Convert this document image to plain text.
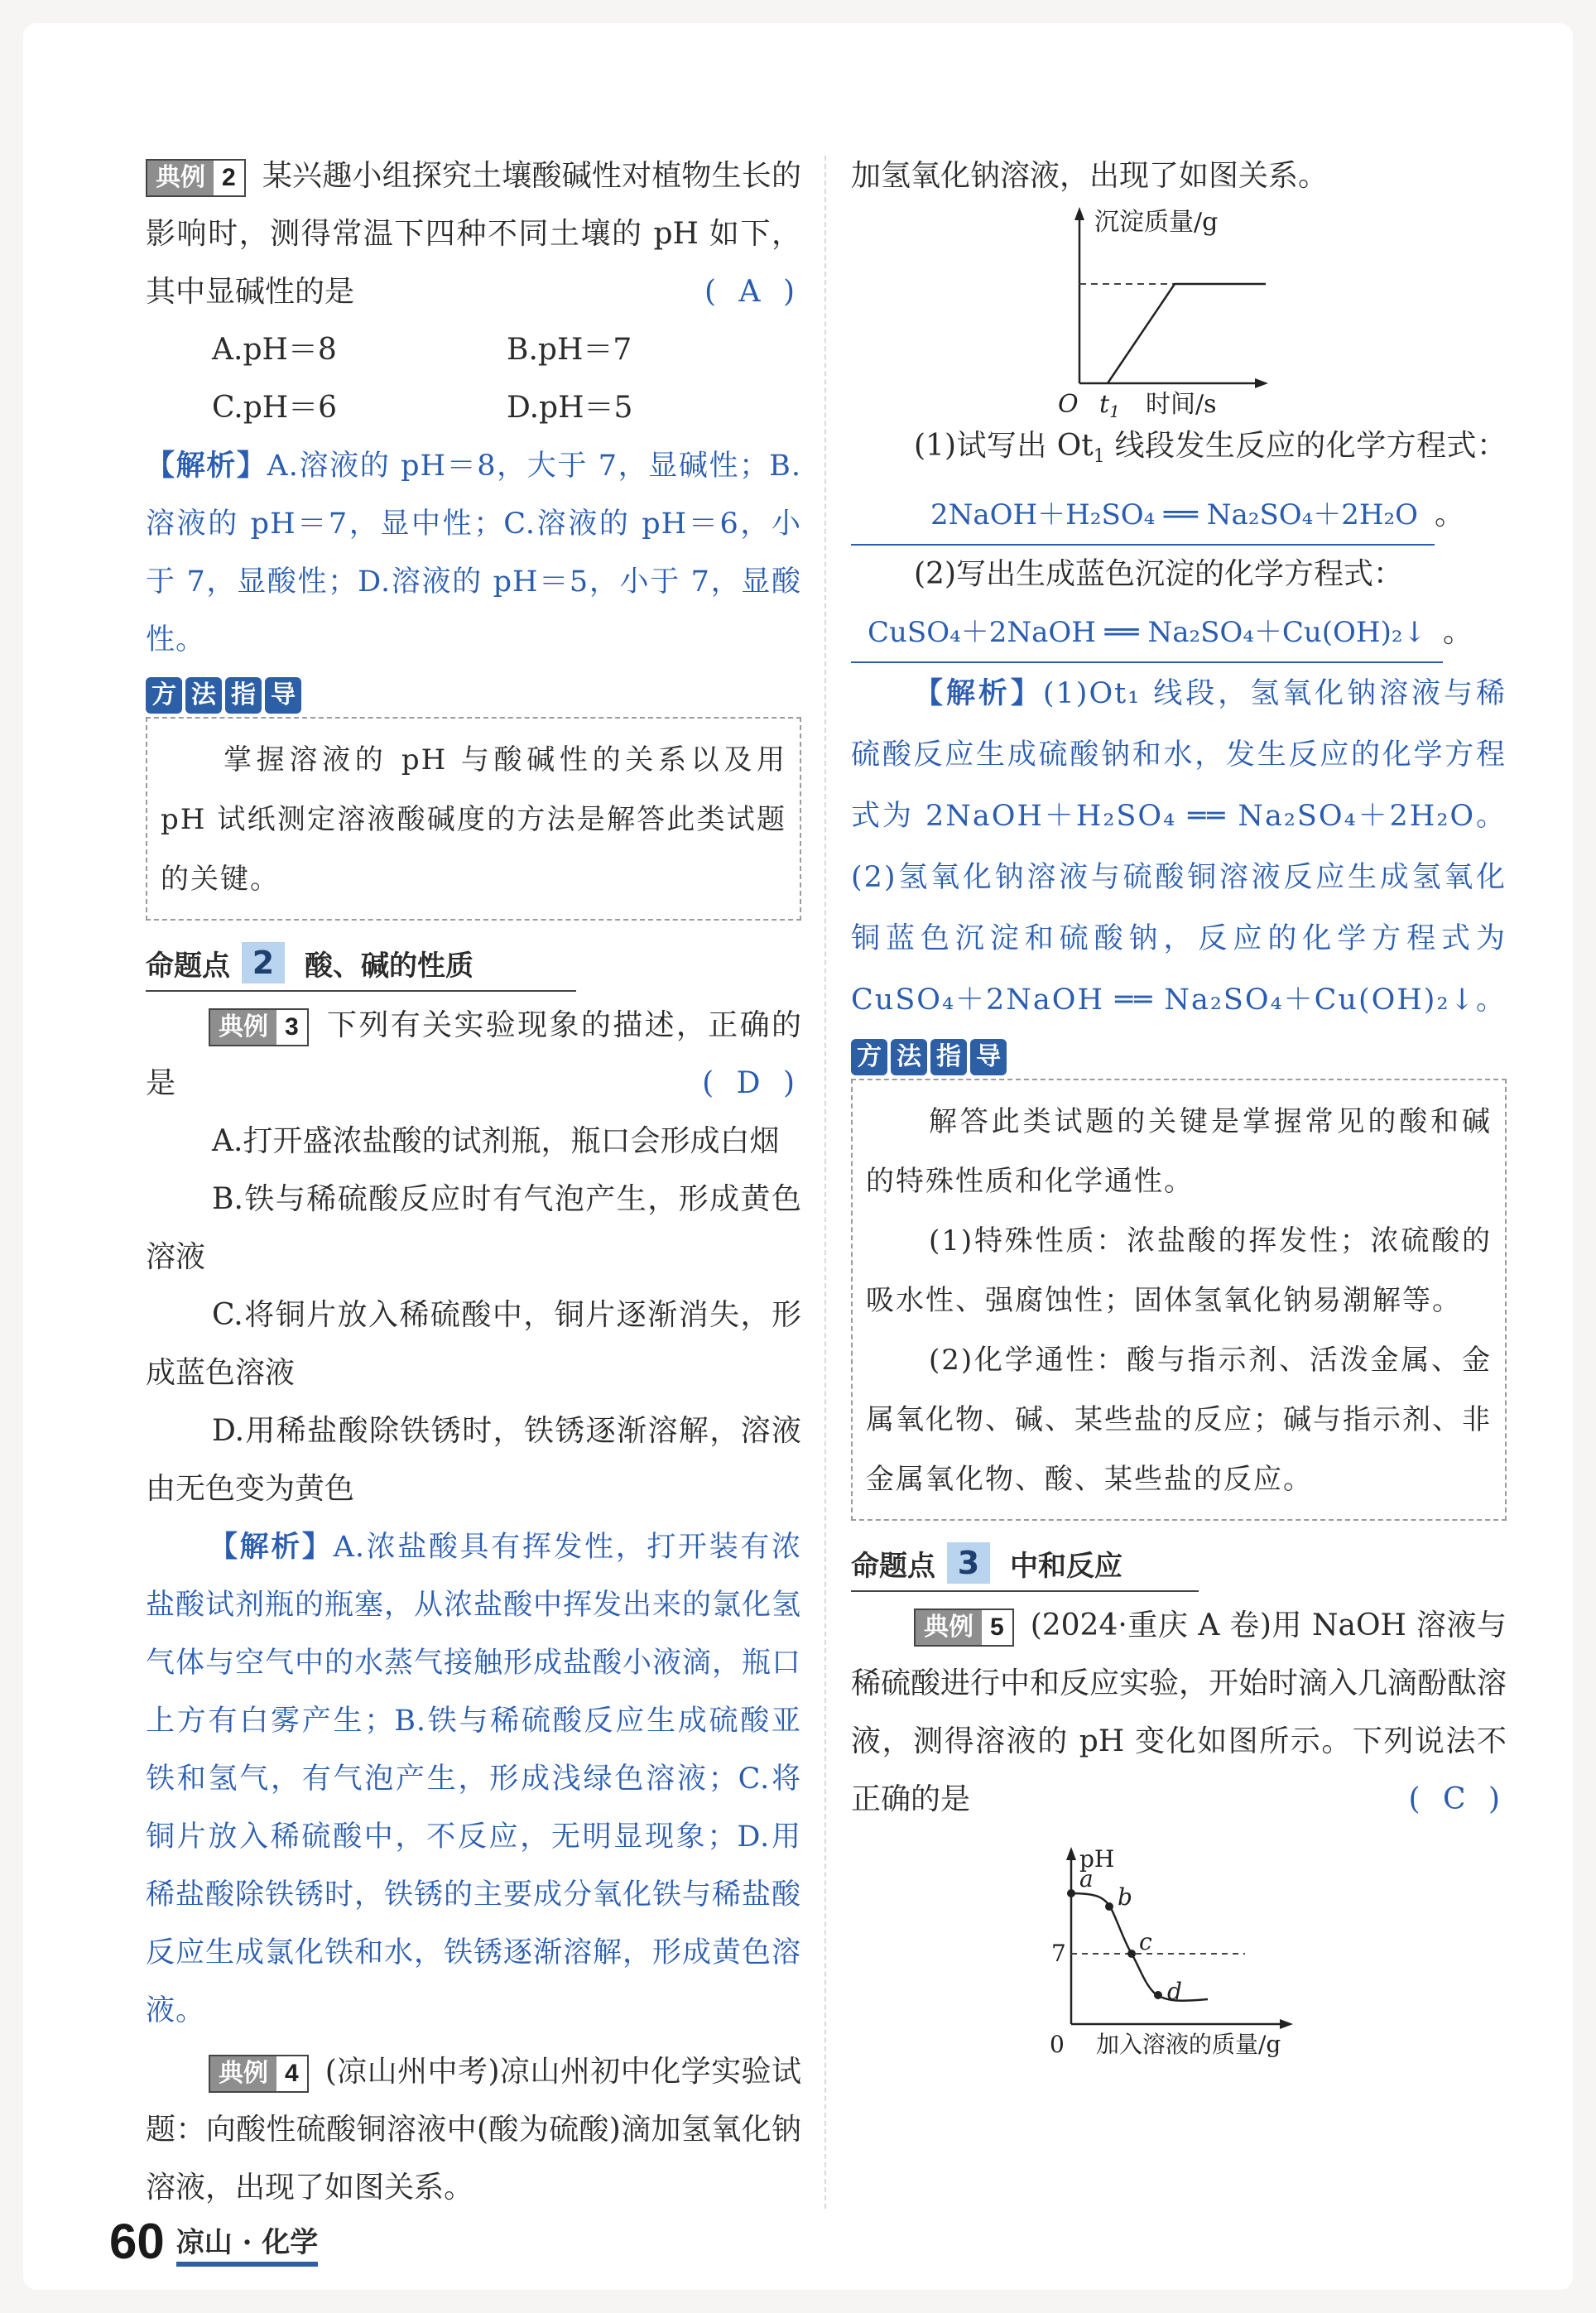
典例 2 某兴趣小组探究土壤酸碱性对植物生长的影响时，测得常温下四种不同土壤的 pH 如下，其中显碱性的是	( A )

A.pH＝8	B.pH＝7
C.pH＝6	D.pH＝5

【解析】A.溶液的 pH＝8，大于 7，显碱性；B.溶液的 pH＝7，显中性；C.溶液的 pH＝6，小于 7，显酸性；D.溶液的 pH＝5，小于 7，显酸性。

方 法 指 导

掌握溶液的 pH 与酸碱性的关系以及用 pH 试纸测定溶液酸碱度的方法是解答此类试题的关键。

命题点 2	酸、碱的性质

典例 3 下列有关实验现象的描述，正确的是	( D )

A.打开盛浓盐酸的试剂瓶，瓶口会形成白烟

B.铁与稀硫酸反应时有气泡产生，形成黄色溶液

C.将铜片放入稀硫酸中，铜片逐渐消失，形成蓝色溶液

D.用稀盐酸除铁锈时，铁锈逐渐溶解，溶液由无色变为黄色

【解析】A.浓盐酸具有挥发性，打开装有浓盐酸试剂瓶的瓶塞，从浓盐酸中挥发出来的氯化氢气体与空气中的水蒸气接触形成盐酸小液滴，瓶口上方有白雾产生；B.铁与稀硫酸反应生成硫酸亚铁和氢气，有气泡产生，形成浅绿色溶液；C.将铜片放入稀硫酸中，不反应，无明显现象；D.用稀盐酸除铁锈时，铁锈的主要成分氧化铁与稀盐酸反应生成氯化铁和水，铁锈逐渐溶解，形成黄色溶液。

典例 4 (凉山州中考)凉山州初中化学实验试题：向酸性硫酸铜溶液中(酸为硫酸)滴加氢氧化钠溶液，出现了如图关系。

加氢氧化钠溶液，出现了如图关系。

沉淀质量/g
O $t_1$ 时间/s

(1)试写出 $Ot_1$ 线段发生反应的化学方程式：2NaOH＋H₂SO₄ ══ Na₂SO₄＋2H₂O 。

(2)写出生成蓝色沉淀的化学方程式：

CuSO₄＋2NaOH ══ Na₂SO₄＋Cu(OH)₂↓ 。

【解析】(1)Ot₁ 线段，氢氧化钠溶液与稀硫酸反应生成硫酸钠和水，发生反应的化学方程式为 2NaOH＋H₂SO₄ ══ Na₂SO₄＋2H₂O。(2)氢氧化钠溶液与硫酸铜溶液反应生成氢氧化铜蓝色沉淀和硫酸钠，反应的化学方程式为 CuSO₄＋2NaOH ══ Na₂SO₄＋Cu(OH)₂↓。

方 法 指 导

解答此类试题的关键是掌握常见的酸和碱的特殊性质和化学通性。

(1)特殊性质：浓盐酸的挥发性；浓硫酸的吸水性、强腐蚀性；固体氢氧化钠易潮解等。

(2)化学通性：酸与指示剂、活泼金属、金属氧化物、碱、某些盐的反应；碱与指示剂、非金属氧化物、酸、某些盐的反应。

命题点 3	中和反应

典例 5 (2024·重庆 A 卷)用 NaOH 溶液与稀硫酸进行中和反应实验，开始时滴入几滴酚酞溶液，测得溶液的 pH 变化如图所示。下列说法不正确的是	( C )

pH
a
b
c
d
7
0 加入溶液的质量/g
60 凉山 · 化学
